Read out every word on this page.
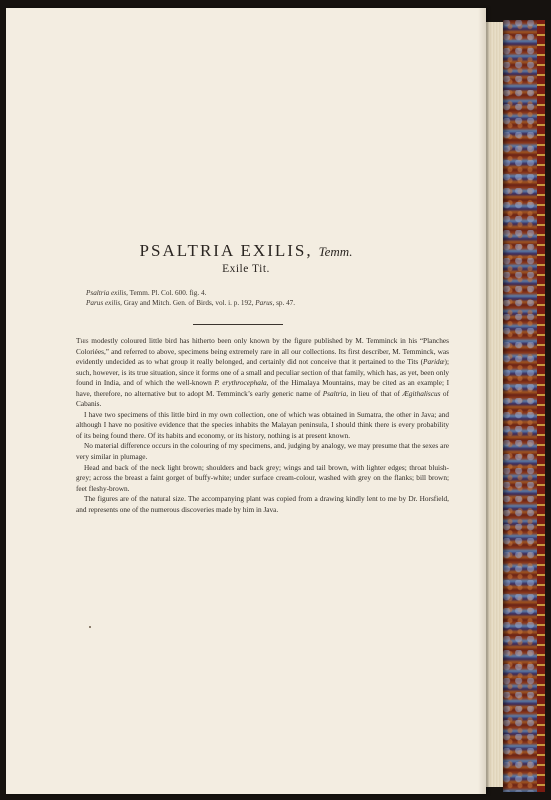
PSALTRIA EXILIS, Temm.
Exile Tit.
Psaltria exilis, Temm. Pl. Col. 600. fig. 4.
Parus exilis, Gray and Mitch. Gen. of Birds, vol. i. p. 192, Parus, sp. 47.

This modestly coloured little bird has hitherto been only known by the figure published by M. Temminck in his “Planches Coloriées,” and referred to above, specimens being extremely rare in all our collections. Its first describer, M. Temminck, was evidently undecided as to what group it really belonged, and certainly did not conceive that it pertained to the Tits (Paridæ); such, however, is its true situation, since it forms one of a small and peculiar section of that family, which has, as yet, been only found in India, and of which the well-known P. erythrocephala, of the Himalaya Mountains, may be cited as an example; I have, therefore, no alternative but to adopt M. Temminck’s early generic name of Psaltria, in lieu of that of Ægithaliscus of Cabanis.

I have two specimens of this little bird in my own collection, one of which was obtained in Sumatra, the other in Java; and although I have no positive evidence that the species inhabits the Malayan peninsula, I should think there is every probability of its being found there. Of its habits and economy, or its history, nothing is at present known.

No material difference occurs in the colouring of my specimens, and, judging by analogy, we may presume that the sexes are very similar in plumage.

Head and back of the neck light brown; shoulders and back grey; wings and tail brown, with lighter edges; throat bluish-grey; across the breast a faint gorget of buffy-white; under surface cream-colour, washed with grey on the flanks; bill brown; feet fleshy-brown.

The figures are of the natural size. The accompanying plant was copied from a drawing kindly lent to me by Dr. Horsfield, and represents one of the numerous discoveries made by him in Java.
